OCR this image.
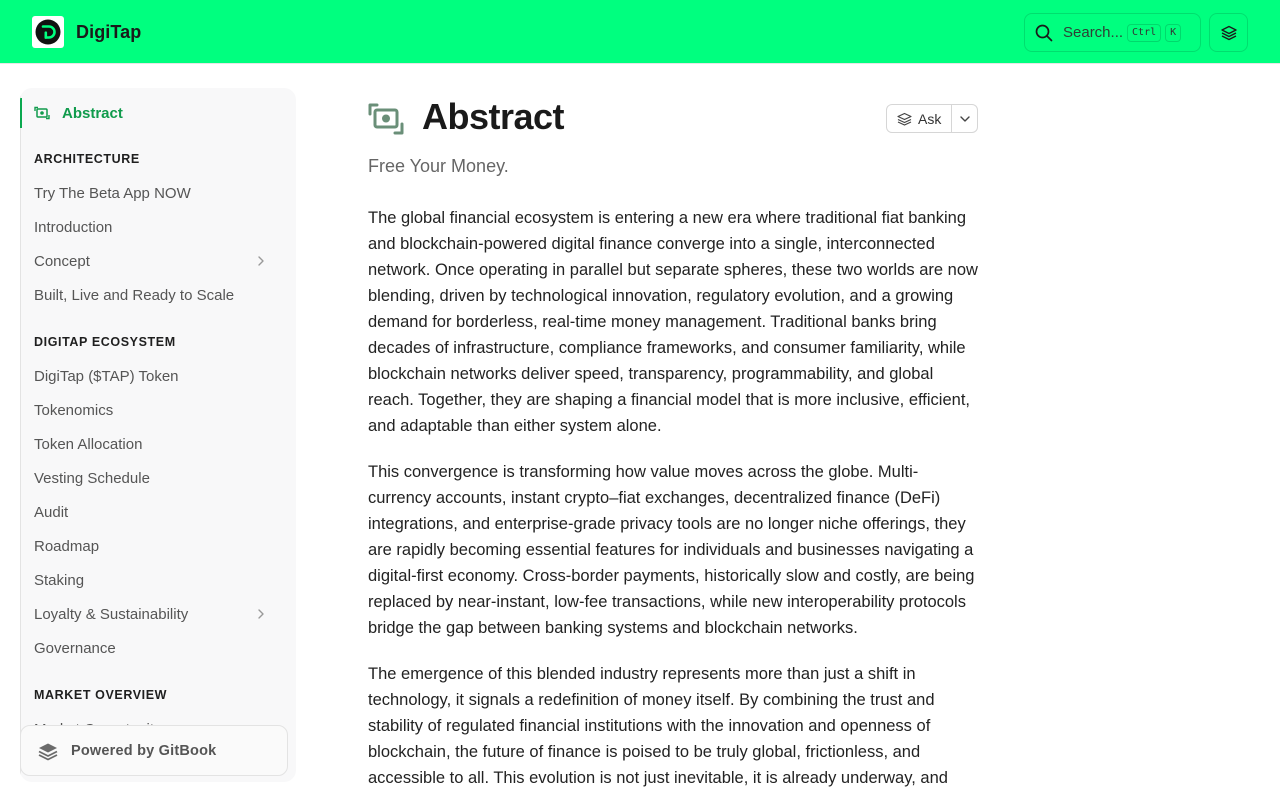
DigiTap	Search... Ctrl	K
Abstract
ARCHITECTURE
Try The Beta App NOW
Introduction
Concept
Built, Live and Ready to Scale
DIGITAP ECOSYSTEM
DigiTap ($TAP) Token
Tokenomics
Token Allocation
Vesting Schedule
Audit
Roadmap
Staking
Loyalty & Sustainability
Governance
MARKET OVERVIEW
Powered by GitBook
Abstract	Ask
Free Your Money.

The global financial ecosystem is entering a new era where traditional fiat banking and blockchain-powered digital finance converge into a single, interconnected network. Once operating in parallel but separate spheres, these two worlds are now blending, driven by technological innovation, regulatory evolution, and a growing demand for borderless, real-time money management. Traditional banks bring decades of infrastructure, compliance frameworks, and consumer familiarity, while blockchain networks deliver speed, transparency, programmability, and global reach. Together, they are shaping a financial model that is more inclusive, efficient, and adaptable than either system alone.

This convergence is transforming how value moves across the globe. Multi-currency accounts, instant crypto–fiat exchanges, decentralized finance (DeFi) integrations, and enterprise-grade privacy tools are no longer niche offerings, they are rapidly becoming essential features for individuals and businesses navigating a digital-first economy. Cross-border payments, historically slow and costly, are being replaced by near-instant, low-fee transactions, while new interoperability protocols bridge the gap between banking systems and blockchain networks.

The emergence of this blended industry represents more than just a shift in technology, it signals a redefinition of money itself. By combining the trust and stability of regulated financial institutions with the innovation and openness of blockchain, the future of finance is poised to be truly global, frictionless, and accessible to all. This evolution is not just inevitable, it is already underway, and
